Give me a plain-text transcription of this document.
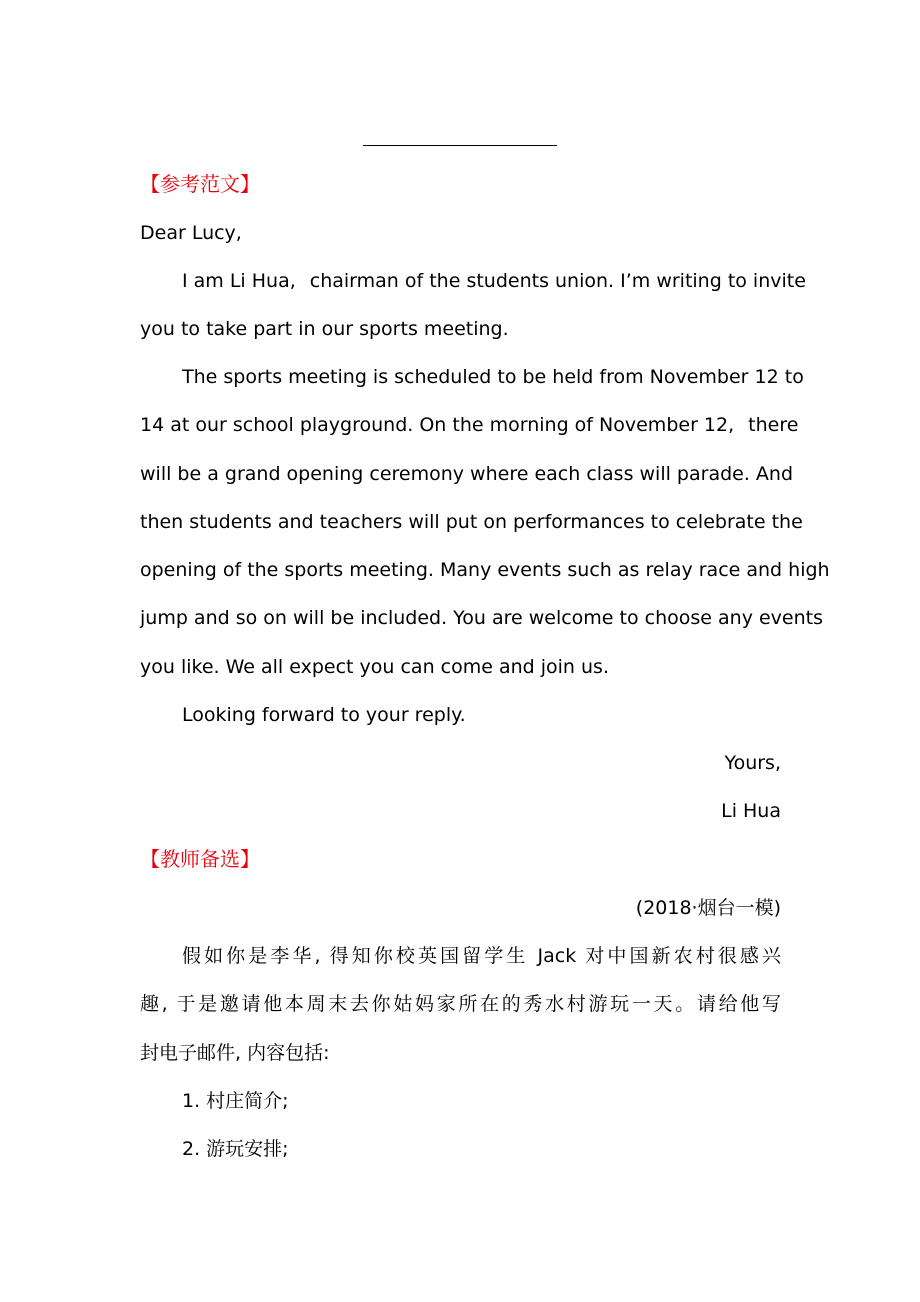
【参考范文】
Dear Lucy,
I am Li Hua, chairman of the students union. I’m writing to invite
you to take part in our sports meeting.
The sports meeting is scheduled to be held from November 12 to
14 at our school playground. On the morning of November 12, there
will be a grand opening ceremony where each class will parade. And
then students and teachers will put on performances to celebrate the
opening of the sports meeting. Many events such as relay race and high
jump and so on will be included. You are welcome to choose any events
you like. We all expect you can come and join us.
Looking forward to your reply.
Yours,
Li Hua
【教师备选】
(2018·烟台一模)
假如你是李华, 得知你校英国留学生 Jack 对中国新农村很感兴
趣, 于是邀请他本周末去你姑妈家所在的秀水村游玩一天。请给他写
封电子邮件, 内容包括:
1. 村庄简介;
2. 游玩安排;
